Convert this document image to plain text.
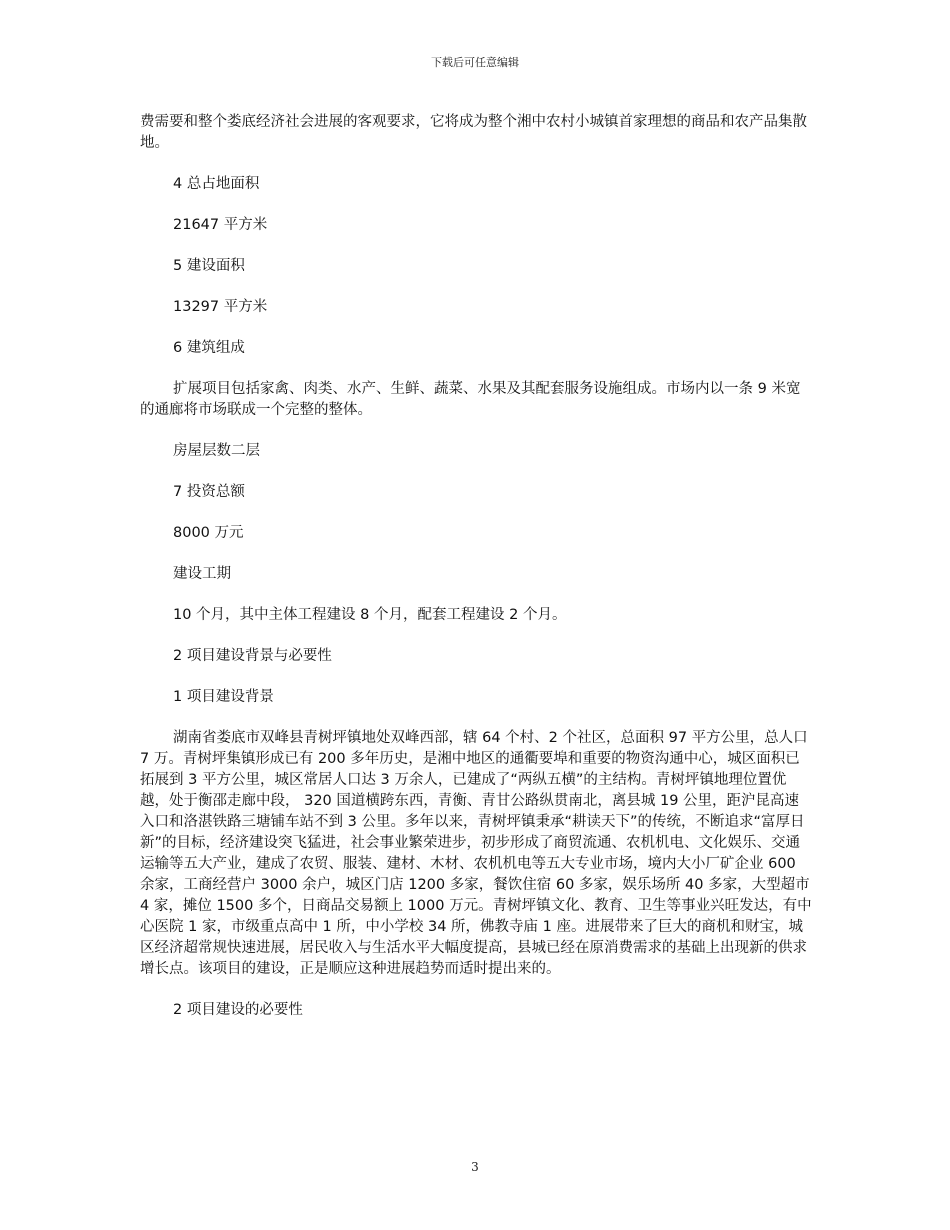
下载后可任意编辑

费需要和整个娄底经济社会进展的客观要求，它将成为整个湘中农村小城镇首家理想的商品和农产品集散地。

4 总占地面积

21647 平方米

5 建设面积

13297 平方米

6 建筑组成

扩展项目包括家禽、肉类、水产、生鲜、蔬菜、水果及其配套服务设施组成。市场内以一条 9 米宽的通廊将市场联成一个完整的整体。

房屋层数二层

7 投资总额

8000 万元

建设工期

10 个月，其中主体工程建设 8 个月，配套工程建设 2 个月。

2 项目建设背景与必要性

1 项目建设背景

湖南省娄底市双峰县青树坪镇地处双峰西部，辖 64 个村、2 个社区，总面积 97 平方公里，总人口 7 万。青树坪集镇形成已有 200 多年历史，是湘中地区的通衢要埠和重要的物资沟通中心，城区面积已拓展到 3 平方公里，城区常居人口达 3 万余人，已建成了“两纵五横”的主结构。青树坪镇地理位置优越，处于衡邵走廊中段， 320 国道横跨东西，青衡、青甘公路纵贯南北，离县城 19 公里，距沪昆高速入口和洛湛铁路三塘铺车站不到 3 公里。多年以来，青树坪镇秉承“耕读天下”的传统，不断追求“富厚日新”的目标，经济建设突飞猛进，社会事业繁荣进步，初步形成了商贸流通、农机机电、文化娱乐、交通运输等五大产业，建成了农贸、服装、建材、木材、农机机电等五大专业市场，境内大小厂矿企业 600 余家，工商经营户 3000 余户，城区门店 1200 多家，餐饮住宿 60 多家，娱乐场所 40 多家，大型超市 4 家，摊位 1500 多个，日商品交易额上 1000 万元。青树坪镇文化、教育、卫生等事业兴旺发达，有中心医院 1 家，市级重点高中 1 所，中小学校 34 所，佛教寺庙 1 座。进展带来了巨大的商机和财宝，城区经济超常规快速进展，居民收入与生活水平大幅度提高，县城已经在原消费需求的基础上出现新的供求增长点。该项目的建设，正是顺应这种进展趋势而适时提出来的。

2 项目建设的必要性

3
